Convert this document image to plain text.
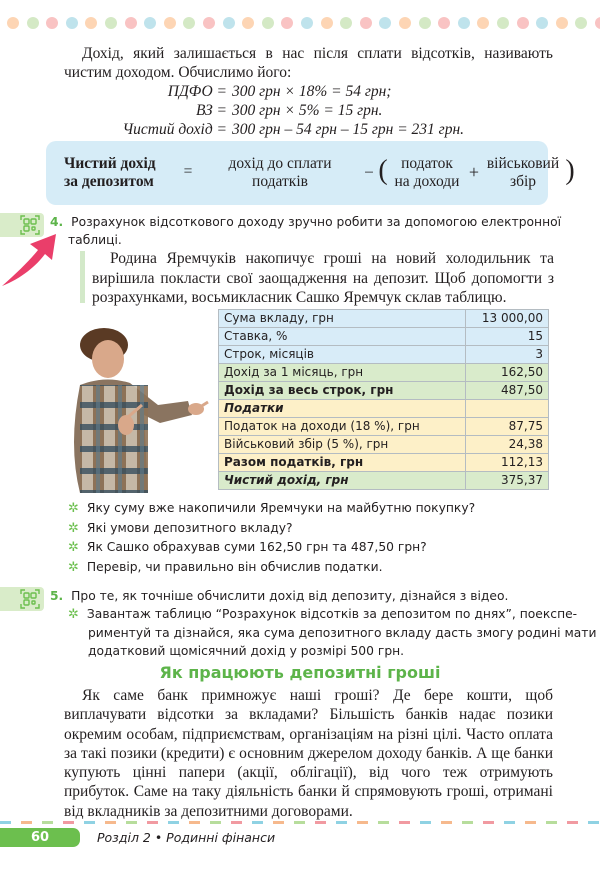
Дохід, який залишається в нас після сплати відсотків, називають чистим доходом. Обчислимо його:

ПДФО = 300 грн × 18% = 54 грн;
ВЗ = 300 грн × 5% = 15 грн.
Чистий дохід = 300 грн – 54 грн – 15 грн = 231 грн.
Чистий дохід
за депозитом
=	дохід до сплати
податків
– ( податок
на доходи + військовий
збір	)
4. Розрахунок відсоткового доходу зручно робити за допомогою електронної
таблиці.

Родина Яремчуків накопичує гроші на новий холодильник та вирішила покласти свої заощадження на депозит. Щоб допомогти з розрахунками, восьмикласник Сашко Яремчук склав таблицю.

Сума вкладу, грн	13 000,00
Ставка, %	15
Строк, місяців	3
Дохід за 1 місяць, грн	162,50
Дохід за весь строк, грн	487,50
Податки	
Податок на доходи (18 %), грн	87,75
Військовий збір (5 %), грн	24,38
Разом податків, грн	112,13
Чистий дохід, грн	375,37
✲ Яку суму вже накопичили Яремчуки на майбутню покупку?
✲ Які умови депозитного вкладу?
✲ Як Сашко обрахував суми 162,50 грн та 487,50 грн?
✲ Перевір, чи правильно він обчислив податки.
5. Про те, як точніше обчислити дохід від депозиту, дізнайся з відео.
✲ Завантаж таблицю “Розрахунок відсотків за депозитом по днях”, поекспе-
риментуй та дізнайся, яка сума депозитного вкладу дасть змогу родині мати
додатковий щомісячний дохід у розмірі 500 грн.
Як працюють депозитні гроші

Як саме банк примножує наші гроші? Де бере кошти, щоб виплачувати відсотки за вкладами? Більшість банків надає позики окремим особам, підприємствам, організаціям на різні цілі. Часто оплата за такі позики (кредити) є основним джерелом доходу банків. А ще банки купують цінні папери (акції, облігації), від чого теж отримують прибуток. Саме на таку діяльність банки й спрямовують гроші, отримані від вкладників за депозитними договорами.

60	Розділ 2 • Родинні фінанси
